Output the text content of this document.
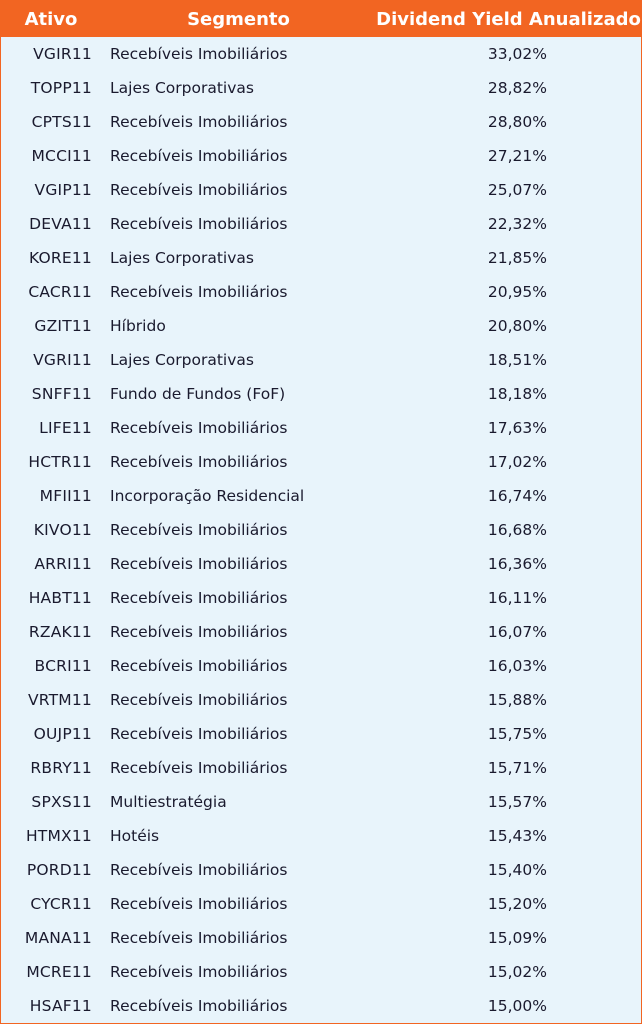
Ativo	Segmento	Dividend Yield Anualizado
VGIR11	Recebíveis Imobiliários	33,02%
TOPP11	Lajes Corporativas	28,82%
CPTS11	Recebíveis Imobiliários	28,80%
MCCI11	Recebíveis Imobiliários	27,21%
VGIP11	Recebíveis Imobiliários	25,07%
DEVA11	Recebíveis Imobiliários	22,32%
KORE11	Lajes Corporativas	21,85%
CACR11	Recebíveis Imobiliários	20,95%
GZIT11	Híbrido	20,80%
VGRI11	Lajes Corporativas	18,51%
SNFF11	Fundo de Fundos (FoF)	18,18%
LIFE11	Recebíveis Imobiliários	17,63%
HCTR11	Recebíveis Imobiliários	17,02%
MFII11	Incorporação Residencial	16,74%
KIVO11	Recebíveis Imobiliários	16,68%
ARRI11	Recebíveis Imobiliários	16,36%
HABT11	Recebíveis Imobiliários	16,11%
RZAK11	Recebíveis Imobiliários	16,07%
BCRI11	Recebíveis Imobiliários	16,03%
VRTM11	Recebíveis Imobiliários	15,88%
OUJP11	Recebíveis Imobiliários	15,75%
RBRY11	Recebíveis Imobiliários	15,71%
SPXS11	Multiestratégia	15,57%
HTMX11	Hotéis	15,43%
PORD11	Recebíveis Imobiliários	15,40%
CYCR11	Recebíveis Imobiliários	15,20%
MANA11	Recebíveis Imobiliários	15,09%
MCRE11	Recebíveis Imobiliários	15,02%
HSAF11	Recebíveis Imobiliários	15,00%
